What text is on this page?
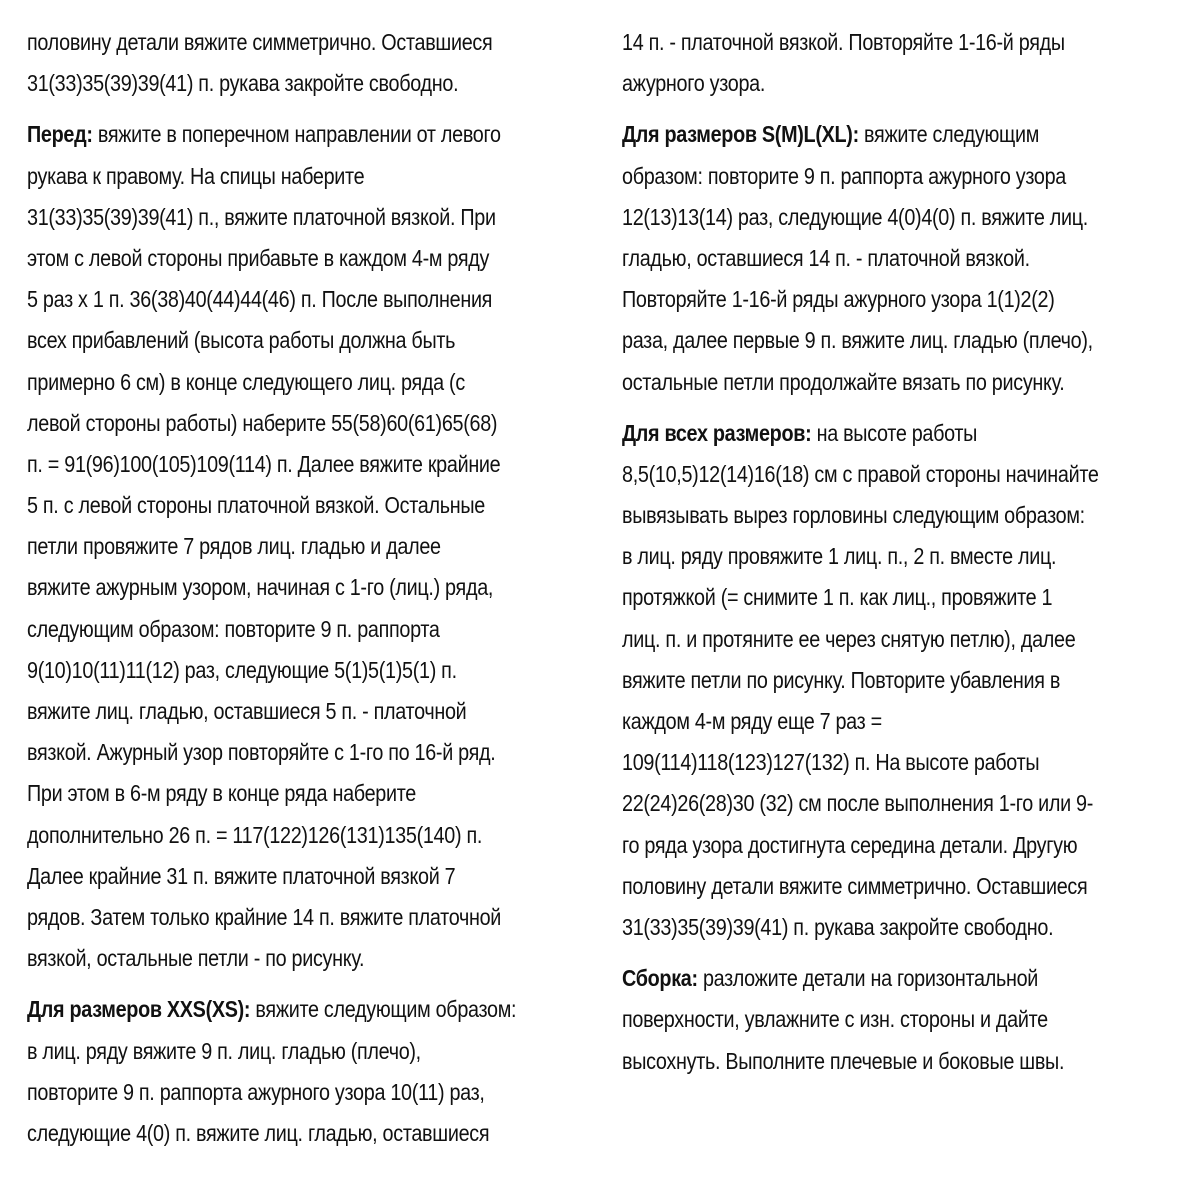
половину детали вяжите симметрично. Оставшиеся
31(33)35(39)39(41) п. рукава закройте свободно.
Перед: вяжите в поперечном направлении от левого
рукава к правому. На спицы наберите
31(33)35(39)39(41) п., вяжите платочной вязкой. При
этом с левой стороны прибавьте в каждом 4-м ряду
5 раз х 1 п. 36(38)40(44)44(46) п. После выполнения
всех прибавлений (высота работы должна быть
примерно 6 см) в конце следующего лиц. ряда (с
левой стороны работы) наберите 55(58)60(61)65(68)
п. = 91(96)100(105)109(114) п. Далее вяжите крайние
5 п. с левой стороны платочной вязкой. Остальные
петли провяжите 7 рядов лиц. гладью и далее
вяжите ажурным узором, начиная с 1-го (лиц.) ряда,
следующим образом: повторите 9 п. раппорта
9(10)10(11)11(12) раз, следующие 5(1)5(1)5(1) п.
вяжите лиц. гладью, оставшиеся 5 п. - платочной
вязкой. Ажурный узор повторяйте с 1-го по 16-й ряд.
При этом в 6-м ряду в конце ряда наберите
дополнительно 26 п. = 117(122)126(131)135(140) п.
Далее крайние 31 п. вяжите платочной вязкой 7
рядов. Затем только крайние 14 п. вяжите платочной
вязкой, остальные петли - по рисунку.
Для размеров XXS(XS): вяжите следующим образом:
в лиц. ряду вяжите 9 п. лиц. гладью (плечо),
повторите 9 п. раппорта ажурного узора 10(11) раз,
следующие 4(0) п. вяжите лиц. гладью, оставшиеся
14 п. - платочной вязкой. Повторяйте 1-16-й ряды
ажурного узора.
Для размеров S(M)L(XL): вяжите следующим
образом: повторите 9 п. раппорта ажурного узора
12(13)13(14) раз, следующие 4(0)4(0) п. вяжите лиц.
гладью, оставшиеся 14 п. - платочной вязкой.
Повторяйте 1-16-й ряды ажурного узора 1(1)2(2)
раза, далее первые 9 п. вяжите лиц. гладью (плечо),
остальные петли продолжайте вязать по рисунку.
Для всех размеров: на высоте работы
8,5(10,5)12(14)16(18) см с правой стороны начинайте
вывязывать вырез горловины следующим образом:
в лиц. ряду провяжите 1 лиц. п., 2 п. вместе лиц.
протяжкой (= снимите 1 п. как лиц., провяжите 1
лиц. п. и протяните ее через снятую петлю), далее
вяжите петли по рисунку. Повторите убавления в
каждом 4-м ряду еще 7 раз =
109(114)118(123)127(132) п. На высоте работы
22(24)26(28)30 (32) см после выполнения 1-го или 9-
го ряда узора достигнута середина детали. Другую
половину детали вяжите симметрично. Оставшиеся
31(33)35(39)39(41) п. рукава закройте свободно.
Сборка: разложите детали на горизонтальной
поверхности, увлажните с изн. стороны и дайте
высохнуть. Выполните плечевые и боковые швы.
